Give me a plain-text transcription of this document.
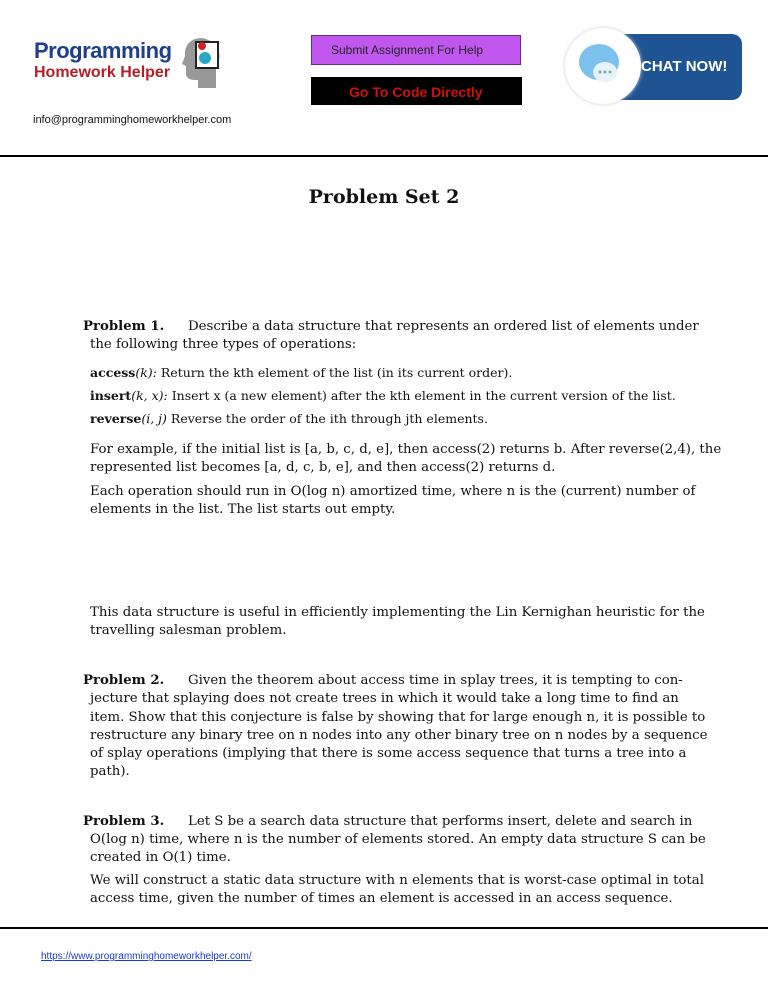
Programming
Homework Helper
info@programminghomeworkhelper.com
Submit Assignment For Help
Go To Code Directly
CHAT NOW!
Problem Set 2
Problem 1. Describe a data structure that represents an ordered list of elements under
the following three types of operations:
access(k): Return the kth element of the list (in its current order).
insert(k, x): Insert x (a new element) after the kth element in the current version of the list.
reverse(i, j) Reverse the order of the ith through jth elements.
For example, if the initial list is [a, b, c, d, e], then access(2) returns b. After reverse(2,4), the
represented list becomes [a, d, c, b, e], and then access(2) returns d.
Each operation should run in O(log n) amortized time, where n is the (current) number of
elements in the list. The list starts out empty.
This data structure is useful in efficiently implementing the Lin Kernighan heuristic for the
travelling salesman problem.
Problem 2. Given the theorem about access time in splay trees, it is tempting to con-
jecture that splaying does not create trees in which it would take a long time to find an
item. Show that this conjecture is false by showing that for large enough n, it is possible to
restructure any binary tree on n nodes into any other binary tree on n nodes by a sequence
of splay operations (implying that there is some access sequence that turns a tree into a
path).
Problem 3. Let S be a search data structure that performs insert, delete and search in
O(log n) time, where n is the number of elements stored. An empty data structure S can be
created in O(1) time.
We will construct a static data structure with n elements that is worst-case optimal in total
access time, given the number of times an element is accessed in an access sequence.
https://www.programminghomeworkhelper.com/
